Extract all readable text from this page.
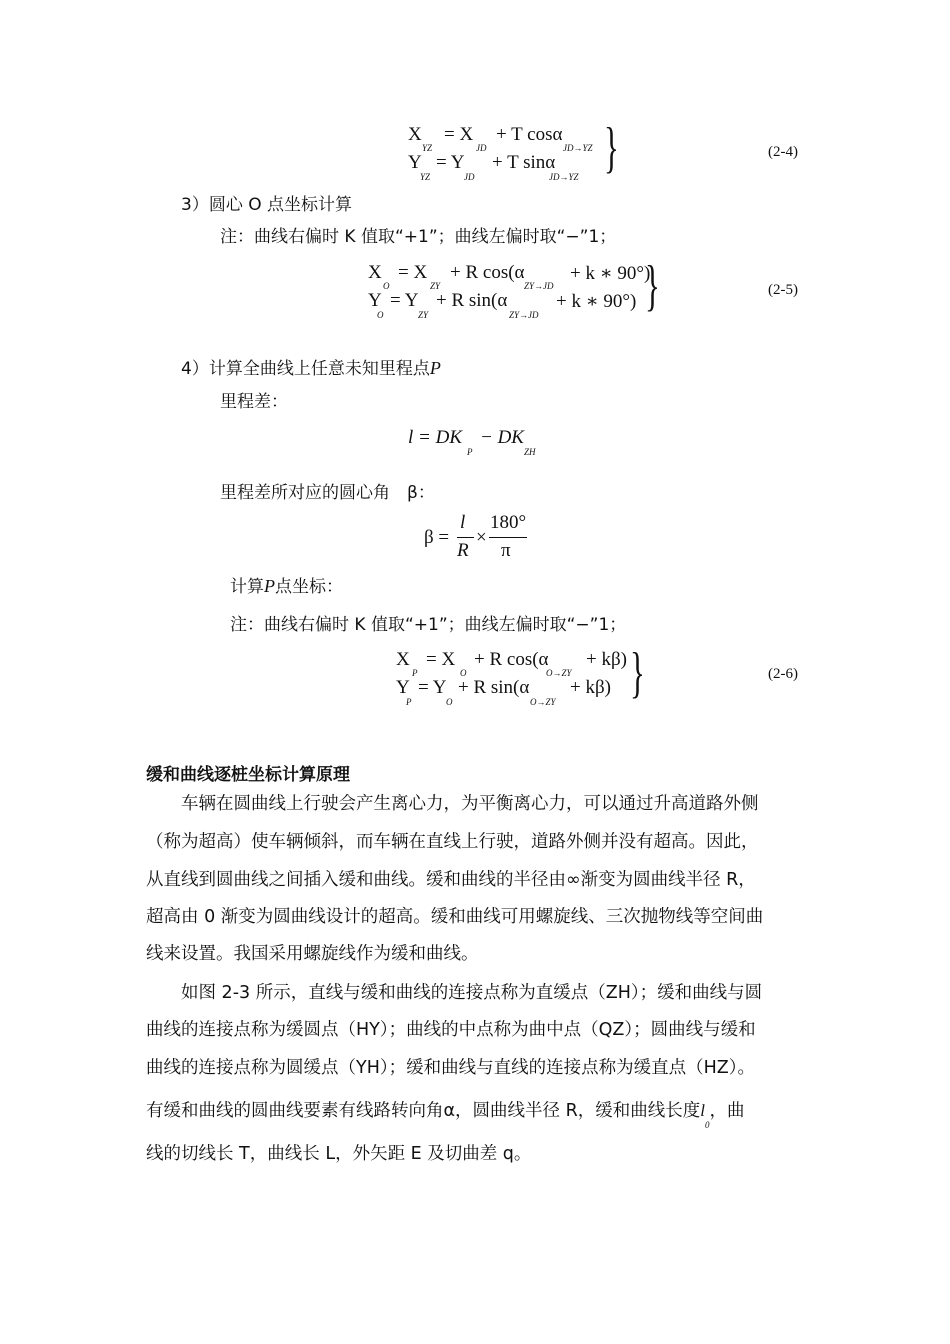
X
YZ
= X
JD
+ T cosα
JD→YZ
Y
YZ
= Y
JD
+ T sinα
JD→YZ }	(2-4)
3）圆心 O 点坐标计算
注：曲线右偏时 K 值取“+1”；曲线左偏时取“−”1；
X
O
= X
ZY
+ R cos(α
ZY→JD
+ k ∗ 90°)
Y
O
= Y
ZY
+ R sin(α
ZY→JD
+ k ∗ 90°) }	(2-5)
4）计算全曲线上任意未知里程点P
里程差：
l = DK
P
− DK
ZH
里程差所对应的圆心角　β：
β =
l
R
×
180°
π
计算P点坐标：
注：曲线右偏时 K 值取“+1”；曲线左偏时取“−”1；
X
P
= X
O
+ R cos(α
O→ZY
+ kβ)
Y
P
= Y
O
+ R sin(α
O→ZY
+ kβ) }	(2-6)
缓和曲线逐桩坐标计算原理
　　车辆在圆曲线上行驶会产生离心力，为平衡离心力，可以通过升高道路外侧
（称为超高）使车辆倾斜，而车辆在直线上行驶，道路外侧并没有超高。因此，
从直线到圆曲线之间插入缓和曲线。缓和曲线的半径由∞渐变为圆曲线半径 R，
超高由 0 渐变为圆曲线设计的超高。缓和曲线可用螺旋线、三次抛物线等空间曲
线来设置。我国采用螺旋线作为缓和曲线。
　　如图 2-3 所示，直线与缓和曲线的连接点称为直缓点（ZH）；缓和曲线与圆
曲线的连接点称为缓圆点（HY）；曲线的中点称为曲中点（QZ）；圆曲线与缓和
曲线的连接点称为圆缓点（YH）；缓和曲线与直线的连接点称为缓直点（HZ）。
有缓和曲线的圆曲线要素有线路转向角α，圆曲线半径 R，缓和曲线长度$l_0$，曲
线的切线长 T，曲线长 L，外矢距 E 及切曲差 q。
